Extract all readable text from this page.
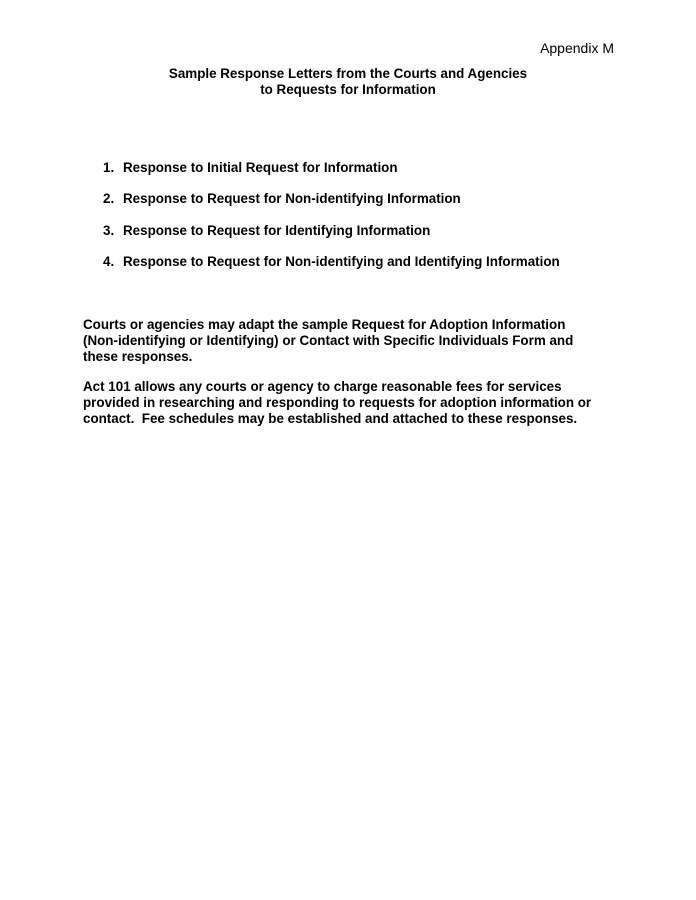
Appendix M
Sample Response Letters from the Courts and Agencies
to Requests for Information
1. Response to Initial Request for Information
2. Response to Request for Non-identifying Information
3. Response to Request for Identifying Information
4. Response to Request for Non-identifying and Identifying Information
Courts or agencies may adapt the sample Request for Adoption Information
(Non-identifying or Identifying) or Contact with Specific Individuals Form and
these responses.
Act 101 allows any courts or agency to charge reasonable fees for services
provided in researching and responding to requests for adoption information or
contact.  Fee schedules may be established and attached to these responses.
